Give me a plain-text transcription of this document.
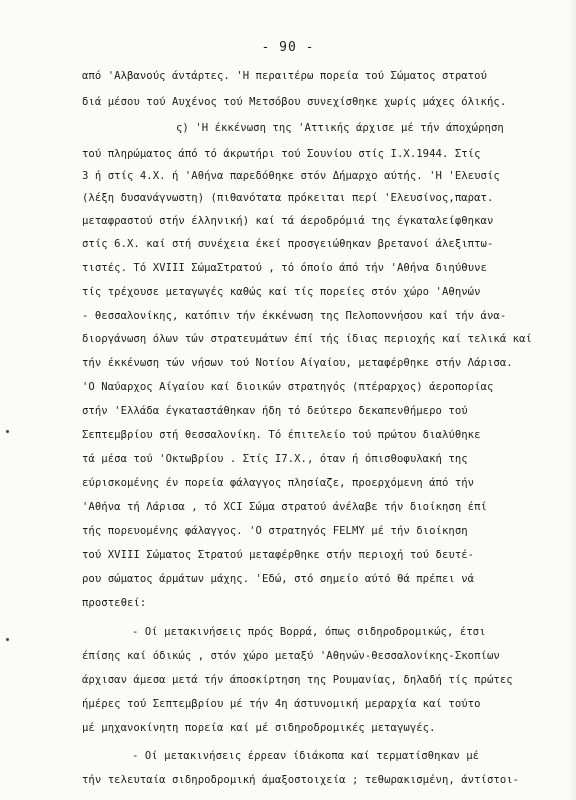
- 90 -
από 'Αλβανούς άντάρτες. 'Η περαιτέρω πορεία τού Σώματος στρατού
διά μέσου τού Αυχένος τού Μετσόβου συνεχίσθηκε χωρίς μάχες όλικής.
ς) 'Η έκκένωση της 'Αττικής άρχισε μέ τήν άποχώρηση
τού πληρώματος άπό τό άκρωτήρι τού Σουνίου στίς Ι.Χ.1944. Στίς
3 ή στίς 4.Χ. ή 'Αθήνα παρεδόθηκε στόν Δήμαρχο αύτής. 'Η 'Ελευσίς
(λέξη δυσανάγνωστη) (πιθανότατα πρόκειται περί 'Ελευσίνος,παρατ.
μεταφραστού στήν έλληνική) καί τά άεροδρόμιά της έγκαταλείφθηκαν
στίς 6.Χ. καί στή συνέχεια έκεί προσγειώθηκαν βρετανοί άλεξιπτω-
τιστές. Τό XVIII ΣώμαΣτρατού , τό όποίο άπό τήν 'Αθήνα διηύθυνε
τίς τρέχουσε μεταγωγές καθώς καί τίς πορείες στόν χώρο 'Αθηνών
- θεσσαλονίκης, κατόπιν τήν έκκένωση της Πελοποννήσου καί τήν άνα-
διοργάνωση όλων τών στρατευμάτων έπί τής ίδιας περιοχής καί τελικά καί
τήν έκκένωση τών νήσων τού Νοτίου Αίγαίου, μεταφέρθηκε στήν Λάρισα.
'Ο Ναύαρχος Αίγαίου καί διοικών στρατηγός (πτέραρχος) άεροπορίας
στήν 'Ελλάδα έγκαταστάθηκαν ήδη τό δεύτερο δεκαπενθήμερο τού
Σεπτεμβρίου στή θεσσαλονίκη. Τό έπιτελείο τού πρώτου διαλύθηκε
τά μέσα τού 'Οκτωβρίου . Στίς Ι7.Χ., όταν ή όπισθοφυλακή της
εύρισκομένης έν πορεία φάλαγγος πλησίαζε, προερχόμενη άπό τήν
'Αθήνα τή Λάρισα , τό XCI Σώμα στρατού άνέλαβε τήν διοίκηση έπί
τής πορευομένης φάλαγγος. 'Ο στρατηγός FELMY μέ τήν διοίκηση
τού XVIII Σώματος Στρατού μεταφέρθηκε στήν περιοχή τού δευτέ-
ρου σώματος άρμάτων μάχης. 'Εδώ, στό σημείο αύτό θά πρέπει νά
προστεθεί:
- Οί μετακινήσεις πρός Βορρά, όπως σιδηροδρομικώς, έτσι
έπίσης καί όδικώς , στόν χώρο μεταξύ 'Αθηνών-θεσσαλονίκης-Σκοπίων
άρχισαν άμεσα μετά τήν άποσκίρτηση της Ρουμανίας, δηλαδή τίς πρώτες
ήμέρες τού Σεπτεμβρίου μέ τήν 4η άστυνομική μεραρχία καί τούτο
μέ μηχανοκίνητη πορεία καί μέ σιδηροδρομικές μεταγωγές.
- Οί μετακινήσεις έρρεαν ίδιάκοπα καί τερματίσθηκαν μέ
τήν τελευταία σιδηροδρομική άμαξοστοιχεία ; τεθωρακισμένη, άντίστοι-
